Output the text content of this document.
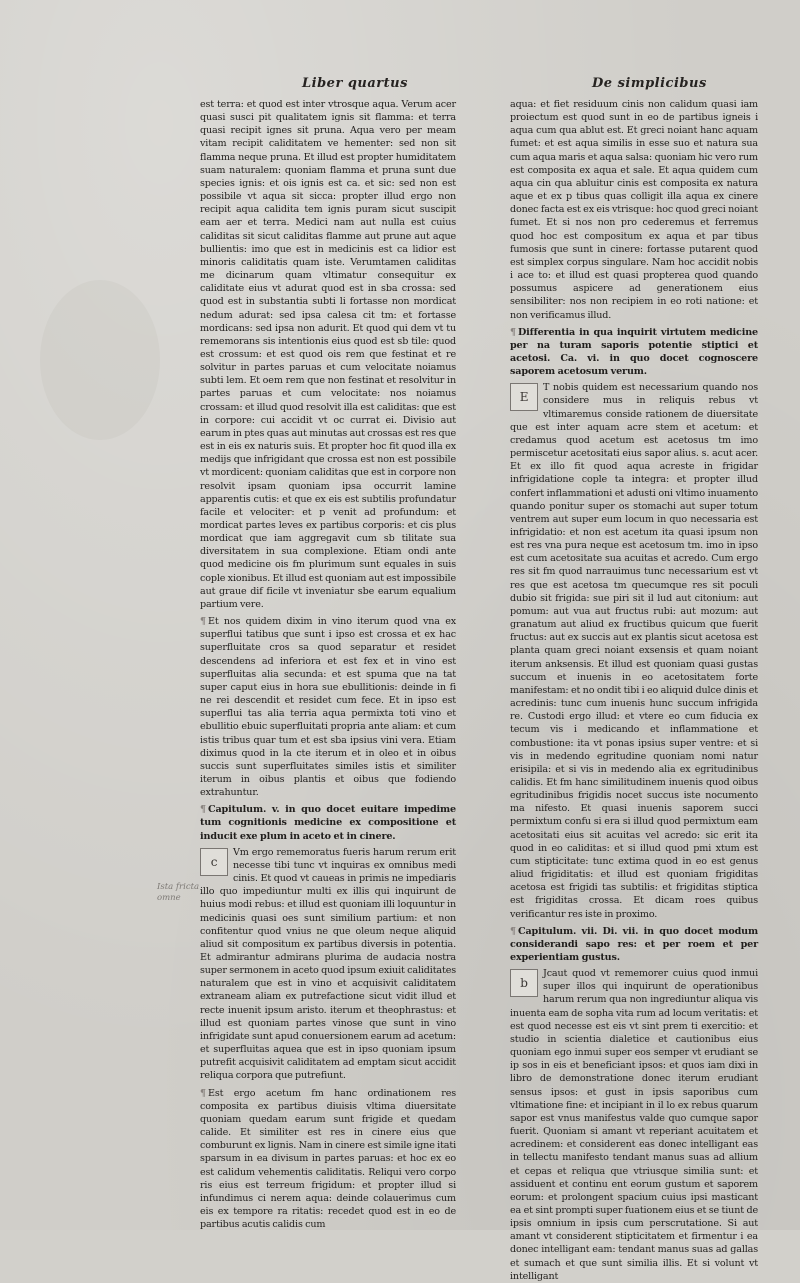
Liber quartus	De simplicibus

est terra: et quod est inter vtrosque aqua. Verum acer quasi susci pit qualitatem ignis sit flamma: et terra quasi recipit ignes sit pruna. Aqua vero per meam vitam recipit caliditatem ve hementer: sed non sit flamma neque pruna. Et illud est propter humiditatem suam naturalem: quoniam flamma et pruna sunt due species ignis: et ois ignis est ca. et sic: sed non est possibile vt aqua sit sicca: propter illud ergo non recipit aqua calidita tem ignis puram sicut suscipit eam aer et terra. Medici nam aut nulla est cuius caliditas sit sicut caliditas flamme aut prune aut aque bullientis: imo que est in medicinis est ca lidior est minoris caliditatis quam iste. Verumtamen caliditas me dicinarum quam vltimatur consequitur ex caliditate eius vt adurat quod est in sba crossa: sed quod est in substantia subti li fortasse non mordicat nedum adurat: sed ipsa calesa cit tm: et fortasse mordicans: sed ipsa non adurit. Et quod qui dem vt tu rememorans sis intentionis eius quod est sb tile: quod est crossum: et est quod ois rem que festinat et re solvitur in partes paruas et cum velocitate noiamus subti lem. Et oem rem que non festinat et resolvitur in partes paruas et cum velocitate: nos noiamus crossam: et illud quod resolvit illa est caliditas: que est in corpore: cui accidit vt oc currat ei. Divisio aut earum in ptes quas aut minutas aut crossas est res que est in eis ex naturis suis. Et propter hoc fit quod illa ex medijs que infrigidant que crossa est non est possibile vt mordicent: quoniam caliditas que est in corpore non resolvit ipsam quoniam ipsa occurrit lamine apparentis cutis: et que ex eis est subtilis profundatur facile et velociter: et p venit ad profundum: et mordicat partes leves ex partibus corporis: et cis plus mordicat que iam aggregavit cum sb tilitate sua diversitatem in sua complexione. Etiam ondi ante quod medicine ois fm plurimum sunt equales in suis cople xionibus. Et illud est quoniam aut est impossibile aut graue dif ficile vt inveniatur sbe earum equalium partium vere.

¶ Et nos quidem dixim in vino iterum quod vna ex superflui tatibus que sunt i ipso est crossa et ex hac superfluitate cros sa quod separatur et residet descendens ad inferiora et est fex et in vino est superfluitas alia secunda: et est spuma que na tat super caput eius in hora sue ebullitionis: deinde in fi ne rei descendit et residet cum fece. Et in ipso est superflui tas alia terria aqua permixta toti vino et ebullitio ebuic superfluitati propria ante aliam: et cum istis tribus quar tum et est sba ipsius vini vera. Etiam diximus quod in la cte iterum et in oleo et in oibus succis sunt superfluitates similes istis et similiter iterum in oibus plantis et oibus que fodiendo extrahuntur.

¶ Capitulum. v. in quo docet euitare impedime tum cognitionis medicine ex compositione et inducit exe plum in aceto et in cinere.

c
Vm ergo rememoratus fueris harum rerum erit necesse tibi tunc vt inquiras ex omnibus medi cinis. Et quod vt caueas in primis ne impediaris illo quo impediuntur multi ex illis qui inquirunt de huius modi rebus: et illud est quoniam illi loquuntur in medicinis quasi oes sunt similium partium: et non confitentur quod vnius ne que oleum neque aliquid aliud sit compositum ex partibus diversis in potentia. Et admirantur admirans plurima de audacia nostra super sermonem in aceto quod ipsum exiuit caliditates naturalem que est in vino et acquisivit caliditatem extraneam aliam ex putrefactione sicut vidit illud et recte inuenit ipsum aristo. iterum et theophrastus: et illud est quoniam partes vinose que sunt in vino infrigidate sunt apud conuersionem earum ad acetum: et superfluitas aquea que est in ipso quoniam ipsum putrefit acquisivit caliditatem ad emptam sicut accidit reliqua corpora que putrefiunt.

¶ Est ergo acetum fm hanc ordinationem res composita ex partibus diuisis vltima diuersitate quoniam quedam earum sunt frigide et quedam calide. Et similiter est res in cinere eius que comburunt ex lignis. Nam in cinere est simile igne itati sparsum in ea divisum in partes paruas: et hoc ex eo est calidum vehementis caliditatis. Reliqui vero corpo ris eius est terreum frigidum: et propter illud si infundimus ci nerem aqua: deinde colauerimus cum eis ex tempore ra ritatis: recedet quod est in eo de partibus acutis calidis cum

Ista fricta omne

aqua: et fiet residuum cinis non calidum quasi iam proiectum est quod sunt in eo de partibus igneis i aqua cum qua ablut est. Et greci noiant hanc aquam fumet: et est aqua similis in esse suo et natura sua cum aqua maris et aqua salsa: quoniam hic vero rum est composita ex aqua et sale. Et aqua quidem cum aqua cin qua abluitur cinis est composita ex natura aque et ex p tibus quas colligit illa aqua ex cinere donec facta est ex eis vtrisque: hoc quod greci noiant fumet. Et si nos non pro cederemus et ferremus quod hoc est compositum ex aqua et par tibus fumosis que sunt in cinere: fortasse putarent quod est simplex corpus singulare. Nam hoc accidit nobis i ace to: et illud est quasi propterea quod quando possumus aspicere ad generationem eius sensibiliter: nos non recipiem in eo roti natione: et non verificamus illud.

¶ Differentia in qua inquirit virtutem medicine per na turam saporis potentie stiptici et acetosi. Ca. vi. in quo docet cognoscere saporem acetosum verum.

E
T nobis quidem est necessarium quando nos considere mus in reliquis rebus vt vltimaremus conside rationem de diuersitate que est inter aquam acre stem et acetum: et credamus quod acetum est acetosus tm imo permiscetur acetositati eius sapor alius. s. acut acer. Et ex illo fit quod aqua acreste in frigidar infrigidatione cople ta integra: et propter illud confert inflammationi et adusti oni vltimo inuamento quando ponitur super os stomachi aut super totum ventrem aut super eum locum in quo necessaria est infrigidatio: et non est acetum ita quasi ipsum non est res vna pura neque est acetosum tm. imo in ipso est cum acetositate sua acuitas et acredo. Cum ergo res sit fm quod narrauimus tunc necessarium est vt res que est acetosa tm quecumque res sit poculi dubio sit frigida: sue piri sit il lud aut citonium: aut pomum: aut vua aut fructus rubi: aut mozum: aut granatum aut aliud ex fructibus quicum que fuerit fructus: aut ex succis aut ex plantis sicut acetosa est planta quam greci noiant exsensis et quam noiant iterum anksensis. Et illud est quoniam quasi gustas succum et inuenis in eo acetositatem forte manifestam: et no ondit tibi i eo aliquid dulce dinis et acredinis: tunc cum inuenis hunc succum infrigida re. Custodi ergo illud: et vtere eo cum fiducia ex tecum vis i medicando et inflammatione et combustione: ita vt ponas ipsius super ventre: et si vis in medendo egritudine quoniam nomi natur erisipila: et si vis in medendo alia ex egritudinibus calidis. Et fm hanc similitudinem inuenis quod oibus egritudinibus frigidis nocet succus iste nocumento ma nifesto. Et quasi inuenis saporem succi permixtum confu si era si illud quod permixtum eam acetositati eius sit acuitas vel acredo: sic erit ita quod in eo caliditas: et si illud quod pmi xtum est cum stipticitate: tunc extima quod in eo est genus aliud frigiditatis: et illud est quoniam frigiditas acetosa est frigidi tas subtilis: et frigiditas stiptica est frigiditas crossa. Et dicam roes quibus verificantur res iste in proximo.

¶ Capitulum. vii. Di. vii. in quo docet modum considerandi sapo res: et per roem et per experientiam gustus.

b
Jcaut quod vt rememorer cuius quod inmui super illos qui inquirunt de operationibus harum rerum qua non ingrediuntur aliqua vis inuenta eam de sopha vita rum ad locum veritatis: et est quod necesse est eis vt sint prem ti exercitio: et studio in scientia dialetice et cautionibus eius quoniam ego inmui super eos semper vt erudiant se ip sos in eis et beneficiant ipsos: et quos iam dixi in libro de demonstratione donec iterum erudiant sensus ipsos: et gust in ipsis saporibus cum vltimatione fine: et incipiant in il lo ex rebus quarum sapor est vnus manifestus valde quo cumque sapor fuerit. Quoniam si amant vt reperiant acuitatem et acredinem: et considerent eas donec intelligant eas in tellectu manifesto tendant manus suas ad allium et cepas et reliqua que vtriusque similia sunt: et assiduent et continu ent eorum gustum et saporem eorum: et prolongent spacium cuius ipsi masticant ea et sint prompti super fuationem eius et se tiunt de ipsis omnium in ipsis cum perscrutatione. Si aut amant vt considerent stipticitatem et firmentur i ea donec intelligant eam: tendant manus suas ad gallas et sumach et que sunt similia illis. Et si volunt vt intelligant
